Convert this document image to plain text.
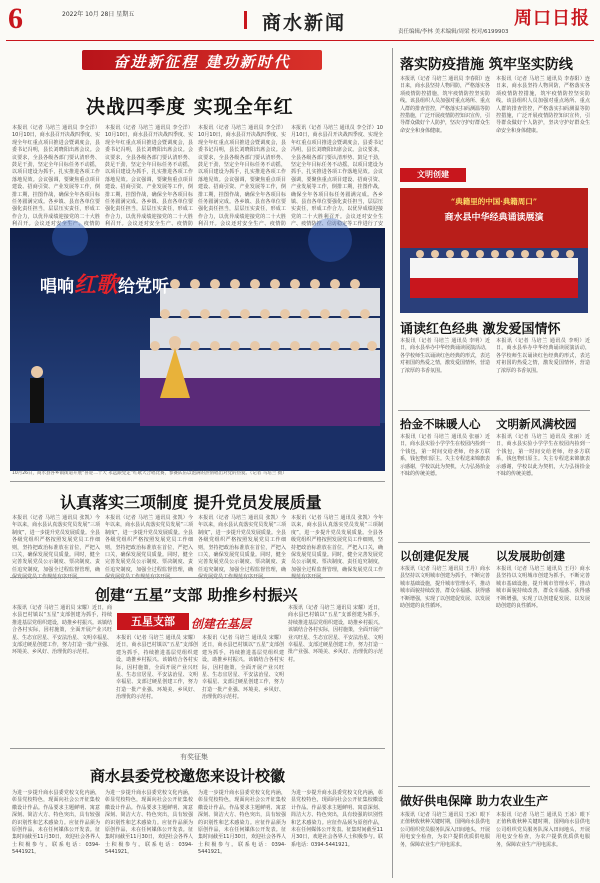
6	2022年 10月 28日 星期五	商水新闻	周口日报
责任编辑/李林 美术编辑/周梁 校对/6199903
奋进新征程 建功新时代
决战四季度 实现全年红
本报讯（记者 马培兰 通讯员 李仝洋）10月10日，商水县召开决战四季度、实现全年红重点项目推进会暨调度会，县委书记冯明，县长刘晓阳出席会议。会议要求，全县各级各部门要认清形势、鼓足干劲，坚定全年目标任务不动摇，以项目建设为抓手，扎实推进各项工作落地见效。会议强调，要聚焦重点项目建设、招商引资、产业发展等工作，倒排工期，挂图作战，确保全年各项目标任务圆满完成。各乡镇、县直各单位要强化责任担当，层层压实责任，形成工作合力，以优异成绩迎接党的二十大胜利召开。会议还对安全生产、疫情防
本报讯（记者 马培兰 通讯员 李仝洋）10月10日，商水县召开决战四季度、实现全年红重点项目推进会暨调度会，县委书记冯明，县长刘晓阳出席会议。会议要求，全县各级各部门要认清形势、鼓足干劲，坚定全年目标任务不动摇，以项目建设为抓手，扎实推进各项工作落地见效。会议强调，要聚焦重点项目建设、招商引资、产业发展等工作，倒排工期，挂图作战，确保全年各项目标任务圆满完成。各乡镇、县直各单位要强化责任担当，层层压实责任，形成工作合力，以优异成绩迎接党的二十大胜利召开。会议还对安全生产、疫情防
本报讯（记者 马培兰 通讯员 李仝洋）10月10日，商水县召开决战四季度、实现全年红重点项目推进会暨调度会，县委书记冯明，县长刘晓阳出席会议。会议要求，全县各级各部门要认清形势、鼓足干劲，坚定全年目标任务不动摇，以项目建设为抓手，扎实推进各项工作落地见效。会议强调，要聚焦重点项目建设、招商引资、产业发展等工作，倒排工期，挂图作战，确保全年各项目标任务圆满完成。各乡镇、县直各单位要强化责任担当，层层压实责任，形成工作合力，以优异成绩迎接党的二十大胜利召开。会议还对安全生产、疫情防
本报讯（记者 马培兰 通讯员 李仝洋）10月10日，商水县召开决战四季度、实现全年红重点项目推进会暨调度会，县委书记冯明，县长刘晓阳出席会议。会议要求，全县各级各部门要认清形势、鼓足干劲，坚定全年目标任务不动摇，以项目建设为抓手，扎实推进各项工作落地见效。会议强调，要聚焦重点项目建设、招商引资、产业发展等工作，倒排工期，挂图作战，确保全年各项目标任务圆满完成。各乡镇、县直各单位要强化责任担当，层层压实责任，形成工作合力，以优异成绩迎接党的二十大胜利召开。会议还对安全生产、疫情防控、信访稳定等工作进行了安
唱响红歌给党听
10月26日，商水县各乡镇街道开展“喜迎二十大 永远跟党走”红歌大合唱比赛，参赛队伍以饱满的热情唱出对党的热爱。（记者 马培兰 摄）
认真落实三项制度 提升党员发展质量
本报讯（记者 马培兰 通讯员 张凯）今年以来，商水县认真落实党员发展“三项制度”，进一步提升党员发展质量。全县各级党组织严格按照发展党员工作细则，坚持把政治标准放在首位，严把入口关，确保发展党员质量。同时，健全完善发展党员公示制度、票决制度、责任追究制度，加强全过程监督管理，确
本报讯（记者 马培兰 通讯员 张凯）今年以来，商水县认真落实党员发展“三项制度”，进一步提升党员发展质量。全县各级党组织严格按照发展党员工作细则，坚持把政治标准放在首位，严把入口关，确保发展党员质量。同时，健全完善发展党员公示制度、票决制度、责任追究制度，加强全过程监督管理，确
本报讯（记者 马培兰 通讯员 张凯）今年以来，商水县认真落实党员发展“三项制度”，进一步提升党员发展质量。全县各级党组织严格按照发展党员工作细则，坚持把政治标准放在首位，严把入口关，确保发展党员质量。同时，健全完善发展党员公示制度、票决制度、责任追究制度，加强全过程监督管理，确
本报讯（记者 马培兰 通讯员 张凯）今年以来，商水县认真落实党员发展“三项制度”，进一步提升党员发展质量。全县各级党组织严格按照发展党员工作细则，坚持把政治标准放在首位，严把入口关，确保发展党员质量。同时，健全完善发展党员公示制度、票决制度、责任追究制度，加强全过程监督管理，确保发展党员工作
创建“五星”支部 助推乡村振兴
五星支部	创建在基层
本报讯（记者 马培兰 通讯员 宋耀）近日，商水县巴村镇以“五星”支部创建为抓手，持续推进基层党组织建设，助推乡村振兴。该镇结合各村实际，因村施策，全面开展产业兴旺星、生态宜居星、平安法治星、文明幸福星、支部过硬星创建工作，努力打造一批产业强、环境美、乡风好、治理优的示范村。
本报讯（记者 马培兰 通讯员 宋耀）近日，商水县巴村镇以“五星”支部创建为抓手，持续推进基层党组织建设，助推乡村振兴。该镇结合各村实际，因村施策，全面开展产业兴旺星、生态宜居星、平安法治星、文明幸福星、支部过硬星创建工作，努力打造一批产业强、环境美、乡风好、治理优的示范村。
本报讯（记者 马培兰 通讯员 宋耀）近日，商水县巴村镇以“五星”支部创建为抓手，持续推进基层党组织建设，助推乡村振兴。该镇结合各村实际，因村施策，全面开展产业兴旺星、生态宜居星、平安法治星、文明幸福星、支部过硬星创建工作，努力打造一批产业强、环境美、乡风好、治理优的示范村。
本报讯（记者 马培兰 通讯员 宋耀）近日，商水县巴村镇以“五星”支部创建为抓手，持续推进基层党组织建设，助推乡村振兴。该镇结合各村实际，因村施策，全面开展产业兴旺星、生态宜居星、平安法治星、文明幸福星、支部过硬星创建工作，努力打造一批产业强、环境美、乡风好、治理优的示范村。
有奖征集
商水县委党校邀您来设计校徽
为进一步提升商水县委党校文化内涵，彰显党校特色，现面向社会公开征集校徽设计作品。作品要求主题鲜明、寓意深刻、简洁大方、特色突出，具有较强的识别性和艺术感染力。应征作品须为原创作品，未在任何媒体公开发表。征集时间截至11月30日，欢迎社会各界人士积极参与。联系电话：0394-5441921。
为进一步提升商水县委党校文化内涵，彰显党校特色，现面向社会公开征集校徽设计作品。作品要求主题鲜明、寓意深刻、简洁大方、特色突出，具有较强的识别性和艺术感染力。应征作品须为原创作品，未在任何媒体公开发表。征集时间截至11月30日，欢迎社会各界人士积极参与。联系电话：0394-5441921。
为进一步提升商水县委党校文化内涵，彰显党校特色，现面向社会公开征集校徽设计作品。作品要求主题鲜明、寓意深刻、简洁大方、特色突出，具有较强的识别性和艺术感染力。应征作品须为原创作品，未在任何媒体公开发表。征集时间截至11月30日，欢迎社会各界人士积极参与。联系电话：0394-5441921。
为进一步提升商水县委党校文化内涵，彰显党校特色，现面向社会公开征集校徽设计作品。作品要求主题鲜明、寓意深刻、简洁大方、特色突出，具有较强的识别性和艺术感染力。应征作品须为原创作品，未在任何媒体公开发表。征集时间截至11月30日，欢迎社会各界人士积极参与。联系电话：0394-5441921。
落实防疫措施 筑牢坚实防线
本报讯（记者 马培兰 通讯员 李春阳）连日来，商水县坚持人物同防，严格落实各项疫情防控措施，筑牢疫情防控坚实防线。该县组织人员加强对重点场所、重点人群的排查管控，严格落实扫码测温等防控措施，广泛开展疫情防控知识宣传，引导群众做好个人防护，坚决守护好群众生命安全和身体健康。
本报讯（记者 马培兰 通讯员 李春阳）连日来，商水县坚持人物同防，严格落实各项疫情防控措施，筑牢疫情防控坚实防线。该县组织人员加强对重点场所、重点人群的排查管控，严格落实扫码测温等防控措施，广泛开展疫情防控知识宣传，引导群众做好个人防护，坚决守护好群众生命安全和身体健康。
文明创建
“典籍里的中国·典籍周口”
商水县中华经典诵读展演
诵读红色经典 激发爱国情怀
本报讯（记者 马培兰 通讯员 李明）近日，商水县举办中华经典诵读展演活动，各学校师生以诵读红色经典的形式，表达对祖国的热爱之情，激发爱国情怀，营造了浓厚的书香氛围。
本报讯（记者 马培兰 通讯员 李明）近日，商水县举办中华经典诵读展演活动，各学校师生以诵读红色经典的形式，表达对祖国的热爱之情，激发爱国情怀，营造了浓厚的书香氛围。
拾金不昧暖人心 文明新风满校园
本报讯（记者 马培兰 通讯员 张丽）近日，商水县实验小学学生在校园内捡到一个钱包，第一时间交给老师，经多方联系，钱包物归原主。失主专程送来锦旗表示感谢，学校以此为契机，大力弘扬拾金不昧的传统美德。
本报讯（记者 马培兰 通讯员 张丽）近日，商水县实验小学学生在校园内捡到一个钱包，第一时间交给老师，经多方联系，钱包物归原主。失主专程送来锦旗表示感谢，学校以此为契机，大力弘扬拾金不昧的传统美德。
以创建促发展 以发展助创建
本报讯（记者 马培兰 通讯员 王丹）商水县坚持以文明城市创建为抓手，不断完善城市基础设施，提升城市管理水平，推动城市面貌持续改善，群众幸福感、获得感不断增强，实现了以创建促发展、以发展助创建的良性循环。
本报讯（记者 马培兰 通讯员 王丹）商水县坚持以文明城市创建为抓手，不断完善城市基础设施，提升城市管理水平，推动城市面貌持续改善，群众幸福感、获得感不断增强，实现了以创建促发展、以发展助创建的良性循环。
做好供电保障 助力农业生产
本报讯（记者 马培兰 通讯员 王冰）眼下正值秋收秋种关键时期，国网商水县供电公司组织党员服务队深入田间地头，开展用电安全检查，为农户提供优质供电服务，保障农业生产用电需求。
本报讯（记者 马培兰 通讯员 王冰）眼下正值秋收秋种关键时期，国网商水县供电公司组织党员服务队深入田间地头，开展用电安全检查，为农户提供优质供电服务，保障农业生产用电需求。
